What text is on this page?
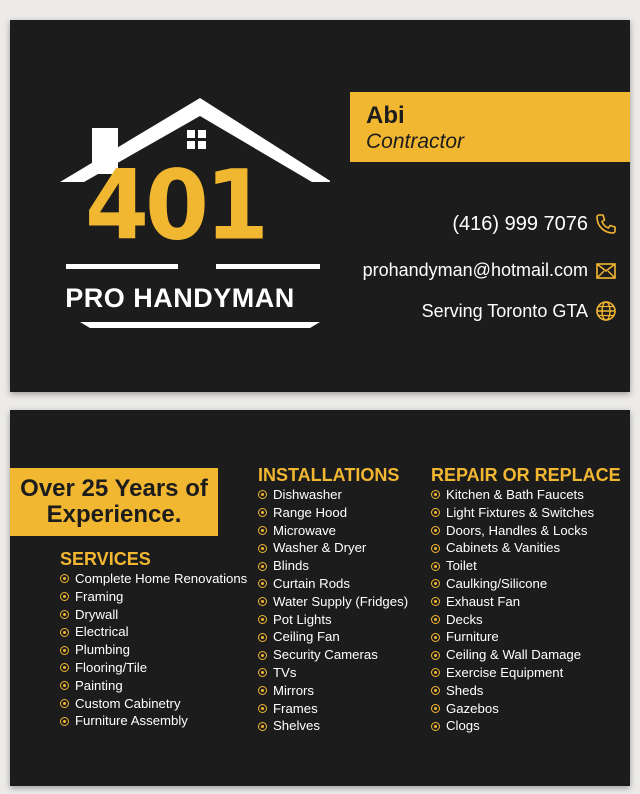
401
PRO HANDYMAN
Abi
Contractor
(416) 999 7076
prohandyman@hotmail.com
Serving Toronto GTA
Over 25 Years of
Experience.
SERVICES
Complete Home Renovations
Framing
Drywall
Electrical
Plumbing
Flooring/Tile
Painting
Custom Cabinetry
Furniture Assembly
INSTALLATIONS
Dishwasher
Range Hood
Microwave
Washer & Dryer
Blinds
Curtain Rods
Water Supply (Fridges)
Pot Lights
Ceiling Fan
Security Cameras
TVs
Mirrors
Frames
Shelves
REPAIR OR REPLACE
Kitchen & Bath Faucets
Light Fixtures & Switches
Doors, Handles & Locks
Cabinets & Vanities
Toilet
Caulking/Silicone
Exhaust Fan
Decks
Furniture
Ceiling & Wall Damage
Exercise Equipment
Sheds
Gazebos
Clogs
